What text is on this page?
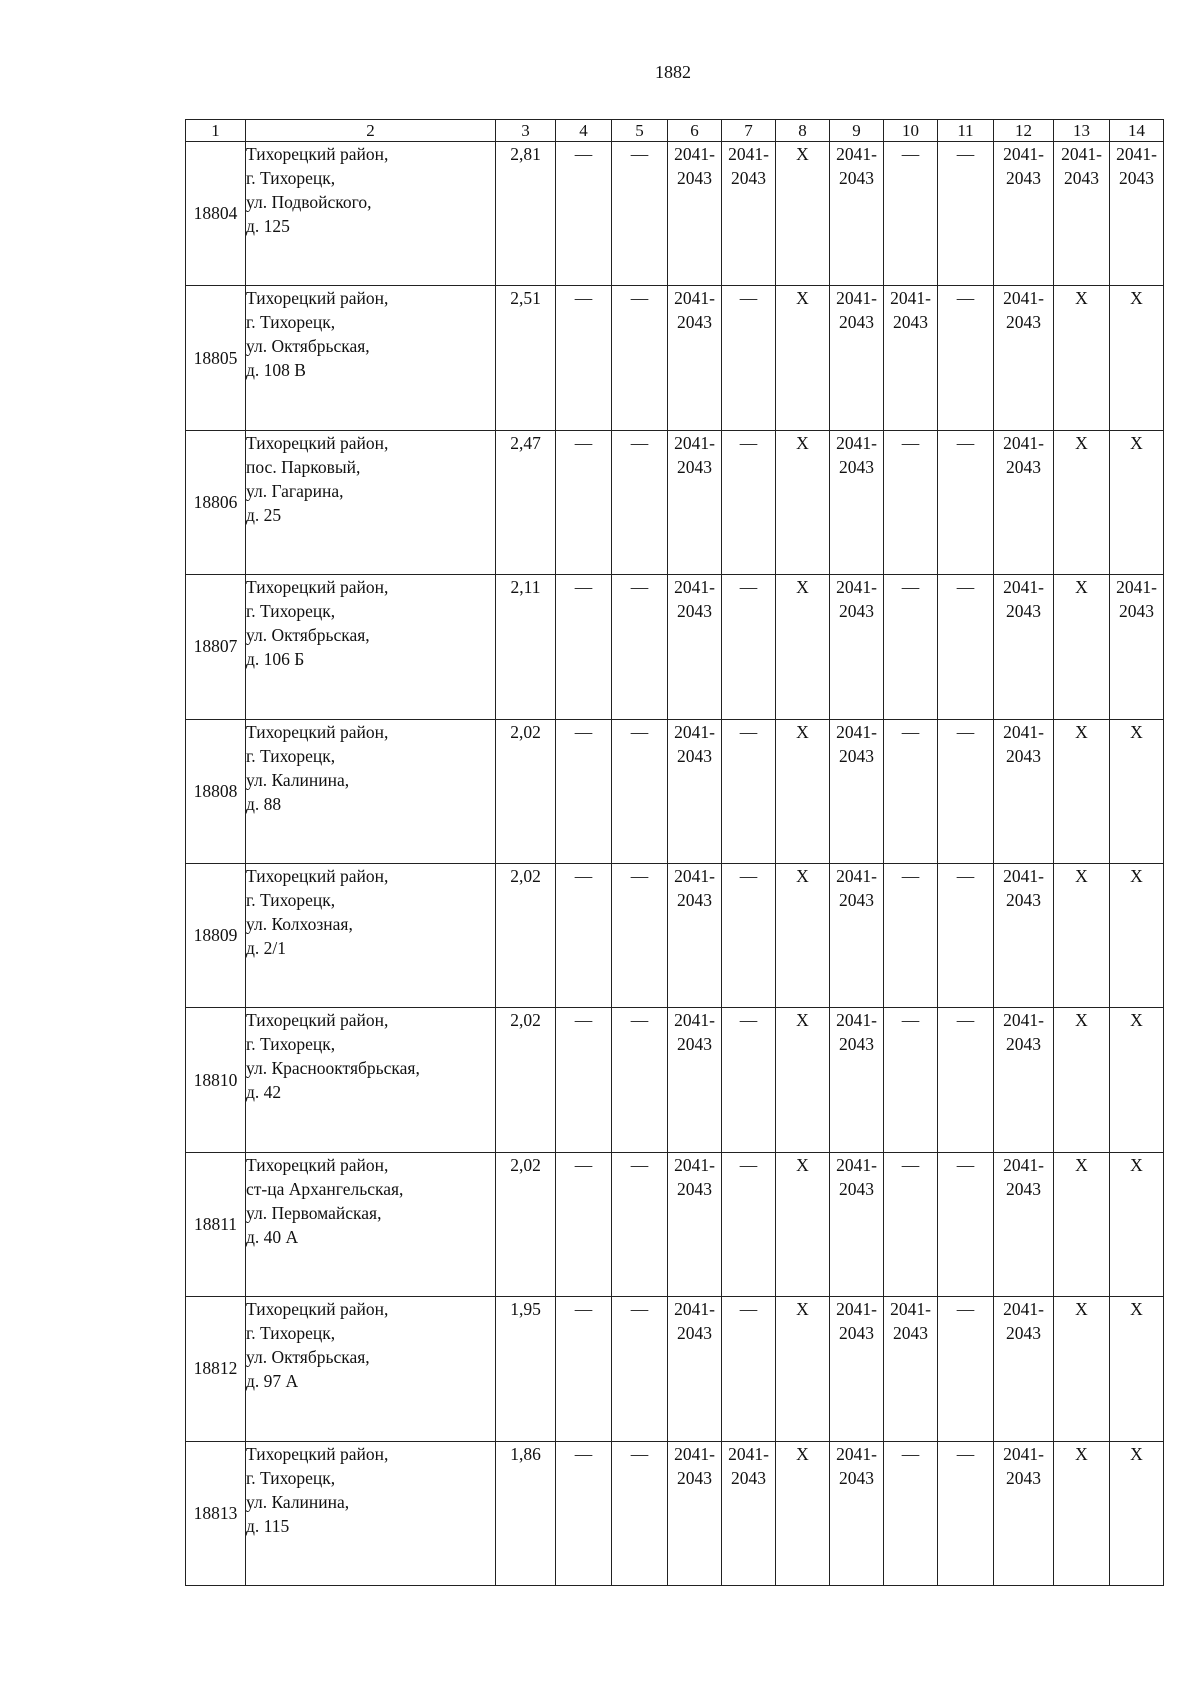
1882
1	2	3	4	5	6	7	8	9	10	11	12	13	14
18804	Тихорецкий район,
г. Тихорецк,
ул. Подвойского,
д. 125	2,81	—	—	2041-
2043	2041-
2043	Х	2041-
2043	—	—	2041-
2043	2041-
2043	2041-
2043
18805	Тихорецкий район,
г. Тихорецк,
ул. Октябрьская,
д. 108 В	2,51	—	—	2041-
2043	—	Х	2041-
2043	2041-
2043	—	2041-
2043	Х	Х
18806	Тихорецкий район,
пос. Парковый,
ул. Гагарина,
д. 25	2,47	—	—	2041-
2043	—	Х	2041-
2043	—	—	2041-
2043	Х	Х
18807	Тихорецкий район,
г. Тихорецк,
ул. Октябрьская,
д. 106 Б	2,11	—	—	2041-
2043	—	Х	2041-
2043	—	—	2041-
2043	Х	2041-
2043
18808	Тихорецкий район,
г. Тихорецк,
ул. Калинина,
д. 88	2,02	—	—	2041-
2043	—	Х	2041-
2043	—	—	2041-
2043	Х	Х
18809	Тихорецкий район,
г. Тихорецк,
ул. Колхозная,
д. 2/1	2,02	—	—	2041-
2043	—	Х	2041-
2043	—	—	2041-
2043	Х	Х
18810	Тихорецкий район,
г. Тихорецк,
ул. Краснооктябрьская,
д. 42	2,02	—	—	2041-
2043	—	Х	2041-
2043	—	—	2041-
2043	Х	Х
18811	Тихорецкий район,
ст-ца Архангельская,
ул. Первомайская,
д. 40 А	2,02	—	—	2041-
2043	—	Х	2041-
2043	—	—	2041-
2043	Х	Х
18812	Тихорецкий район,
г. Тихорецк,
ул. Октябрьская,
д. 97 А	1,95	—	—	2041-
2043	—	Х	2041-
2043	2041-
2043	—	2041-
2043	Х	Х
18813	Тихорецкий район,
г. Тихорецк,
ул. Калинина,
д. 115	1,86	—	—	2041-
2043	2041-
2043	Х	2041-
2043	—	—	2041-
2043	Х	Х
